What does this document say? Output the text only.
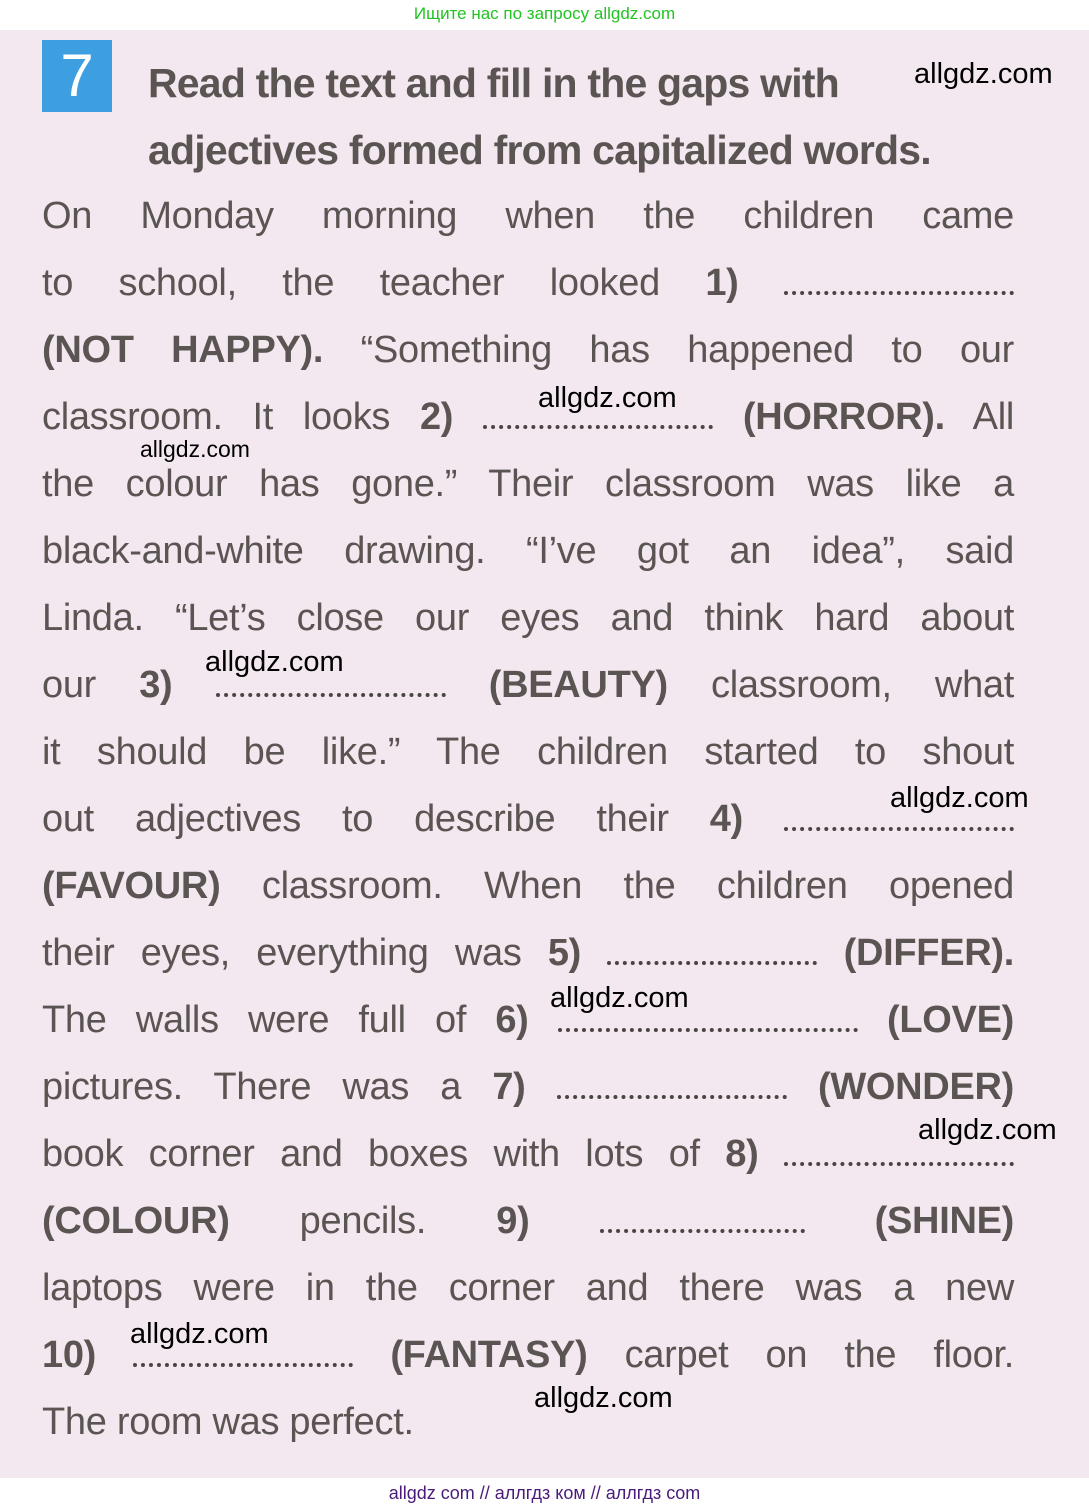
Ищите нас по запросу allgdz.com
7	Read the text and fill in the gaps with
adjectives formed from capitalized words.
On Monday morning when the children came
to school, the teacher looked 1)
(NOT HAPPY). “Something has happened to our
classroom. It looks 2)	(HORROR). All
the colour has gone.” Their classroom was like a
black-and-white drawing. “I’ve got an idea”, said
Linda. “Let’s close our eyes and think hard about
our 3)	(BEAUTY) classroom, what
it should be like.” The children started to shout
out adjectives to describe their 4)
(FAVOUR) classroom. When the children opened
their eyes, everything was 5)	(DIFFER).
The walls were full of 6)	(LOVE)
pictures. There was a 7)	(WONDER)
book corner and boxes with lots of 8)
(COLOUR) pencils. 9)	(SHINE)
laptops were in the corner and there was a new
10)	(FANTASY) carpet on the floor.
The room was perfect.
allgdz.com
allgdz.com
allgdz.com
allgdz.com
allgdz.com
allgdz.com
allgdz.com
allgdz.com
allgdz.com
allgdz com // аллгдз ком // аллгдз com
